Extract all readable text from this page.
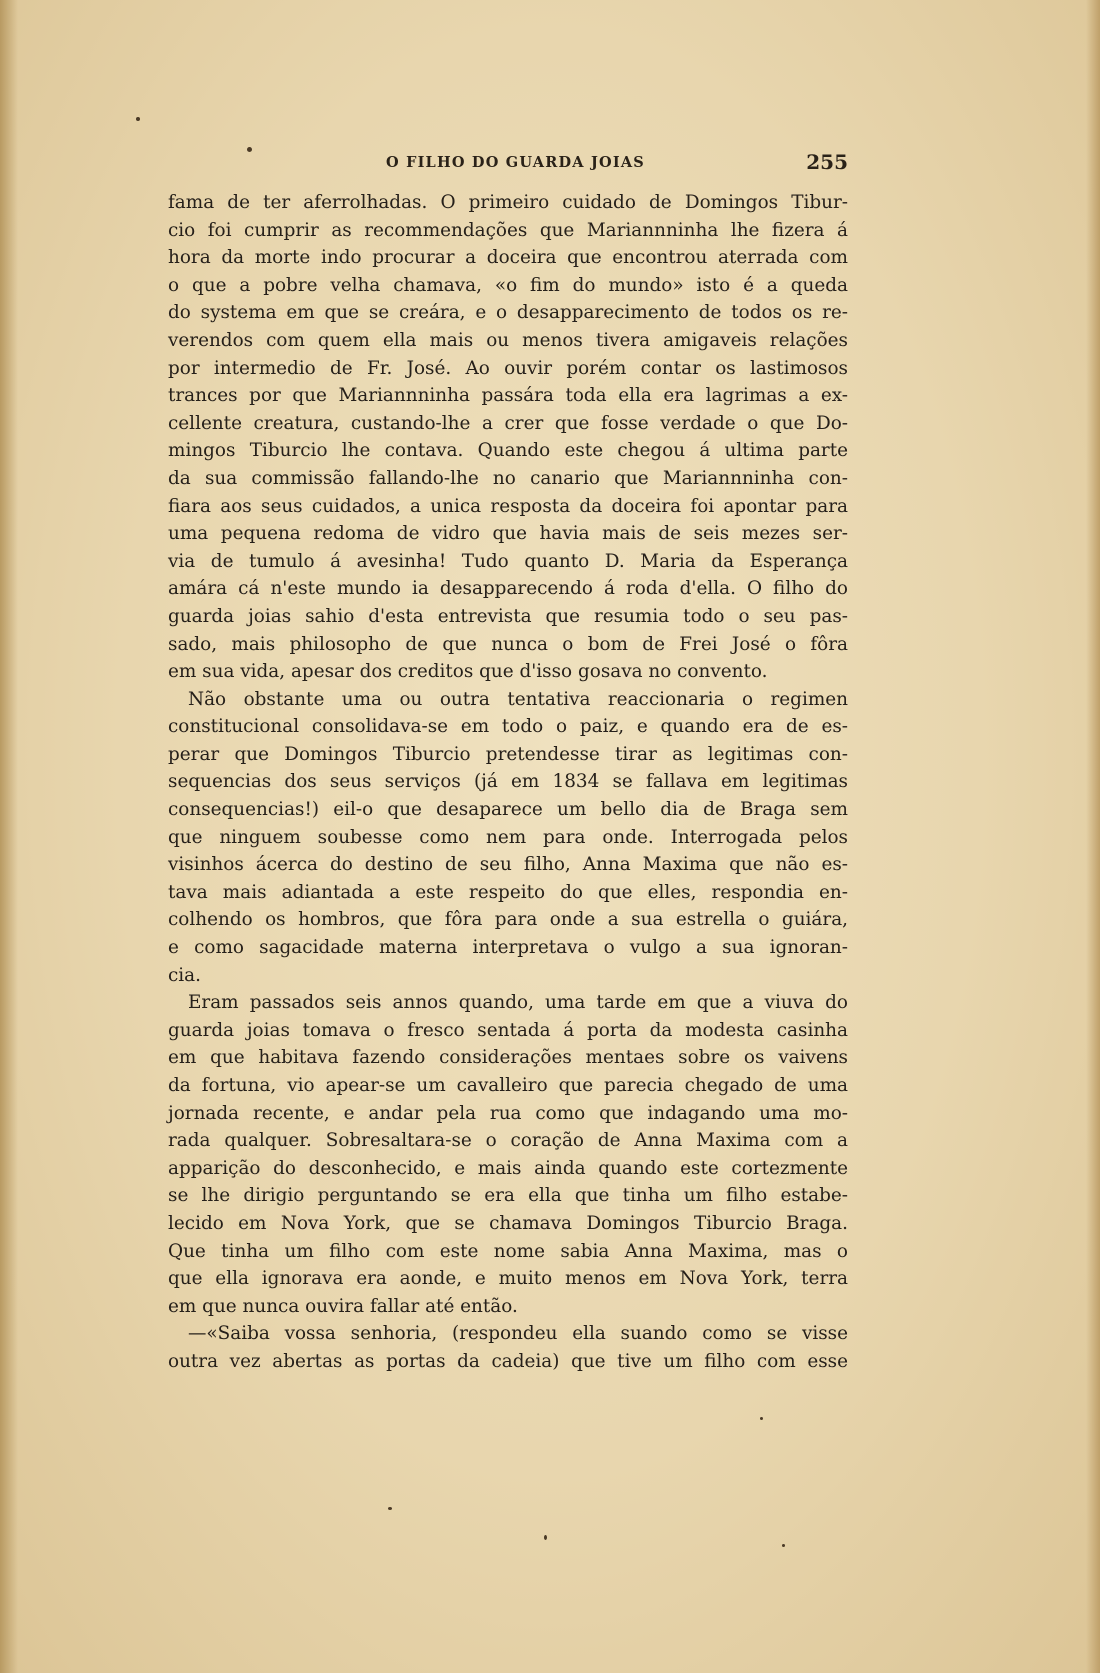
O FILHO DO GUARDA JOIAS	255

fama de ter aferrolhadas. O primeiro cuidado de Domingos Tibur-
cio foi cumprir as recommendações que Mariannninha lhe fizera á
hora da morte indo procurar a doceira que encontrou aterrada com
o que a pobre velha chamava, «o fim do mundo» isto é a queda
do systema em que se creára, e o desapparecimento de todos os re-
verendos com quem ella mais ou menos tivera amigaveis relações
por intermedio de Fr. José. Ao ouvir porém contar os lastimosos
trances por que Mariannninha passára toda ella era lagrimas a ex-
cellente creatura, custando-lhe a crer que fosse verdade o que Do-
mingos Tiburcio lhe contava. Quando este chegou á ultima parte
da sua commissão fallando-lhe no canario que Mariannninha con-
fiara aos seus cuidados, a unica resposta da doceira foi apontar para
uma pequena redoma de vidro que havia mais de seis mezes ser-
via de tumulo á avesinha! Tudo quanto D. Maria da Esperança
amára cá n'este mundo ia desapparecendo á roda d'ella. O filho do
guarda joias sahio d'esta entrevista que resumia todo o seu pas-
sado, mais philosopho de que nunca o bom de Frei José o fôra
em sua vida, apesar dos creditos que d'isso gosava no convento.

Não obstante uma ou outra tentativa reaccionaria o regimen
constitucional consolidava-se em todo o paiz, e quando era de es-
perar que Domingos Tiburcio pretendesse tirar as legitimas con-
sequencias dos seus serviços (já em 1834 se fallava em legitimas
consequencias!) eil-o que desaparece um bello dia de Braga sem
que ninguem soubesse como nem para onde. Interrogada pelos
visinhos ácerca do destino de seu filho, Anna Maxima que não es-
tava mais adiantada a este respeito do que elles, respondia en-
colhendo os hombros, que fôra para onde a sua estrella o guiára,
e como sagacidade materna interpretava o vulgo a sua ignoran-
cia.

Eram passados seis annos quando, uma tarde em que a viuva do
guarda joias tomava o fresco sentada á porta da modesta casinha
em que habitava fazendo considerações mentaes sobre os vaivens
da fortuna, vio apear-se um cavalleiro que parecia chegado de uma
jornada recente, e andar pela rua como que indagando uma mo-
rada qualquer. Sobresaltara-se o coração de Anna Maxima com a
apparição do desconhecido, e mais ainda quando este cortezmente
se lhe dirigio perguntando se era ella que tinha um filho estabe-
lecido em Nova York, que se chamava Domingos Tiburcio Braga.
Que tinha um filho com este nome sabia Anna Maxima, mas o
que ella ignorava era aonde, e muito menos em Nova York, terra
em que nunca ouvira fallar até então.

—«Saiba vossa senhoria, (respondeu ella suando como se visse
outra vez abertas as portas da cadeia) que tive um filho com esse
